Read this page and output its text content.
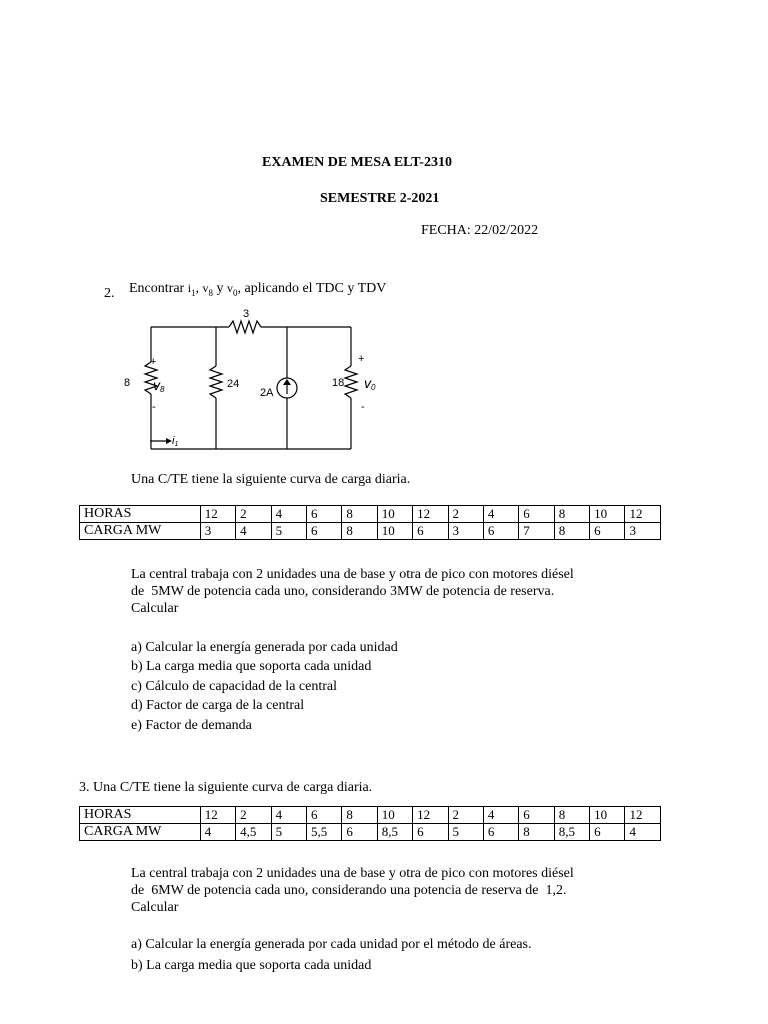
EXAMEN DE MESA ELT-2310
SEMESTRE 2-2021
FECHA: 22/02/2022
2. Encontrar $i_1$, $v_8$ y $v_0$, aplicando el TDC y TDV
3
8	24
2A
18
+
-
+
-
v8	v0
i1
Una C/TE tiene la siguiente curva de carga diaria.
HORAS	12	2	4	6	8	10	12	2	4	6	8	10	12
CARGA MW	3	4	5	6	8	10	6	3	6	7	8	6	3
La central trabaja con 2 unidades una de base y otra de pico con motores diésel
de  5MW de potencia cada uno, considerando 3MW de potencia de reserva.
Calcular
a) Calcular la energía generada por cada unidad
b) La carga media que soporta cada unidad
c) Cálculo de capacidad de la central
d) Factor de carga de la central
e) Factor de demanda
3. Una C/TE tiene la siguiente curva de carga diaria.
HORAS	12	2	4	6	8	10	12	2	4	6	8	10	12
CARGA MW	4	4,5	5	5,5	6	8,5	6	5	6	8	8,5	6	4
La central trabaja con 2 unidades una de base y otra de pico con motores diésel
de  6MW de potencia cada uno, considerando una potencia de reserva de  1,2.
Calcular
a) Calcular la energía generada por cada unidad por el método de áreas.
b) La carga media que soporta cada unidad
